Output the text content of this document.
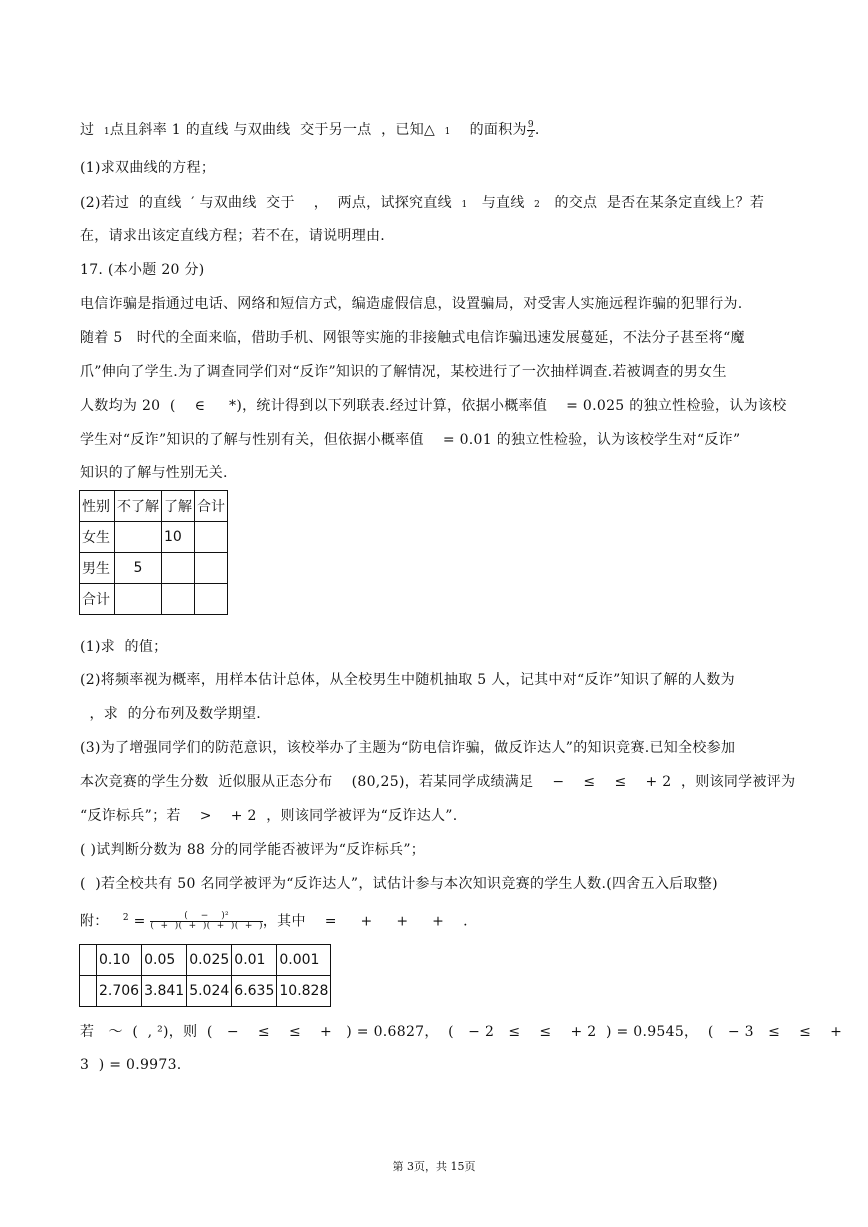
过  1点且斜率 1 的直线 与双曲线  交于另一点  ，已知△  1    的面积为 $\frac{9}{2}$ .
(1)求双曲线的方程；
(2)若过  的直线  ′ 与双曲线  交于    ，  两点，试探究直线  1   与直线  2   的交点  是否在某条定直线上？若
在，请求出该定直线方程；若不在，请说明理由.
17. (本小题 20 分)
电信诈骗是指通过电话、网络和短信方式，编造虚假信息，设置骗局，对受害人实施远程诈骗的犯罪行为.
随着 5   时代的全面来临，借助手机、网银等实施的非接触式电信诈骗迅速发展蔓延，不法分子甚至将“魔
爪”伸向了学生.为了调查同学们对“反诈”知识的了解情况，某校进行了一次抽样调查.若被调查的男女生
人数均为 20  (    ∈     *)，统计得到以下列联表.经过计算，依据小概率值    = 0.025 的独立性检验，认为该校
学生对“反诈”知识的了解与性别有关，但依据小概率值    = 0.01 的独立性检验，认为该校学生对“反诈”
知识的了解与性别无关.
性别	不了解	了解	合计
女生		10	
男生	5		
合计			
(1)求  的值；
(2)将频率视为概率，用样本估计总体，从全校男生中随机抽取 5 人，记其中对“反诈”知识了解的人数为
，求  的分布列及数学期望.
(3)为了增强同学们的防范意识，该校举办了主题为“防电信诈骗，做反诈达人”的知识竞赛.已知全校参加
本次竞赛的学生分数  近似服从正态分布    (80,25)，若某同学成绩满足    −    ≤    ≤    + 2  ，则该同学被评为
“反诈标兵”；若    >    + 2  ，则该同学被评为“反诈达人”.
( )试判断分数为 88 分的同学能否被评为“反诈标兵”；
(  )若全校共有 50 名同学被评为“反诈达人”，试估计参与本次知识竞赛的学生人数.(四舍五入后取整)
附：   $^2 = \frac{\text{(    −    )²}}{( + )( + )( + )( + )}$ ，其中    =     +     +     +    .
	0.10	0.05	0.025	0.01	0.001
	2.706	3.841	5.024	6.635	10.828
若   ～  (  , ²)，则  (   −    ≤    ≤    +   ) = 0.6827，  (   − 2   ≤    ≤    + 2  ) = 0.9545，  (   − 3   ≤    ≤    +
3  ) = 0.9973.
第 3页，共 15页
